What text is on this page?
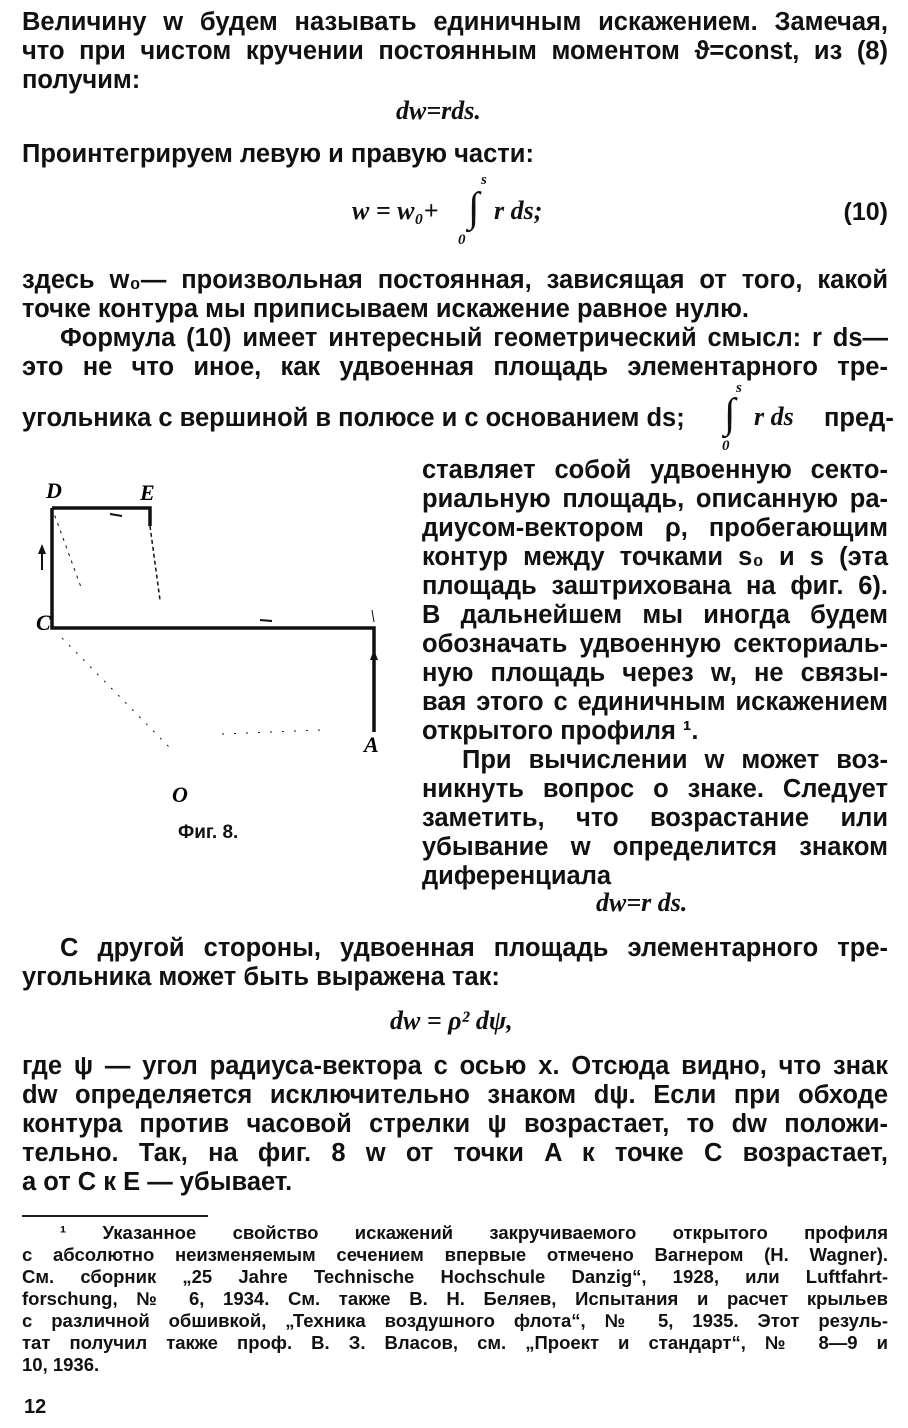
Величину w будем называть единичным искажением. Замечая,
что при чистом кручении постоянным моментом ϑ=const, из (8)
получим:
dw=rds.
Проинтегрируем левую и правую части:
w = w₀+ ∫
s
0
r ds;	(10)
здесь w₀— произвольная постоянная, зависящая от того, какой
точке контура мы приписываем искажение равное нулю.
Формула (10) имеет интересный геометрический смысл: r ds—
это не что иное, как удвоенная площадь элементарного тре-
угольника с вершиной в полюсе и с основанием ds; ∫
s
0
r ds пред-
D	E
C
A
O
Фиг. 8.
ставляет собой удвоенную секто-
риальную площадь, описанную ра-
диусом-вектором ρ, пробегающим
контур между точками s₀ и s (эта
площадь заштрихована на фиг. 6).
В дальнейшем мы иногда будем
обозначать удвоенную секториаль-
ную площадь через w, не связы-
вая этого с единичным искажением
открытого профиля ¹.
При вычислении w может воз-
никнуть вопрос о знаке. Следует
заметить, что возрастание или
убывание w определится знаком
диференциала
dw=r ds.
С другой стороны, удвоенная площадь элементарного тре-
угольника может быть выражена так:
dw = ρ² dψ,
где ψ — угол радиуса-вектора с осью x. Отсюда видно, что знак
dw определяется исключительно знаком dψ. Если при обходе
контура против часовой стрелки ψ возрастает, то dw положи-
тельно. Так, на фиг. 8 w от точки A к точке C возрастает,
а от C к E — убывает.
¹ Указанное свойство искажений закручиваемого открытого профиля
с абсолютно неизменяемым сечением впервые отмечено Вагнером (H. Wagner).
См. сборник „25 Jahre Technische Hochschule Danzig“, 1928, или Luftfahrt-
forschung, № 6, 1934. См. также В. Н. Беляев, Испытания и расчет крыльев
с различной обшивкой, „Техника воздушного флота“, № 5, 1935. Этот резуль-
тат получил также проф. В. З. Власов, см. „Проект и стандарт“, № 8—9 и
10, 1936.
12
